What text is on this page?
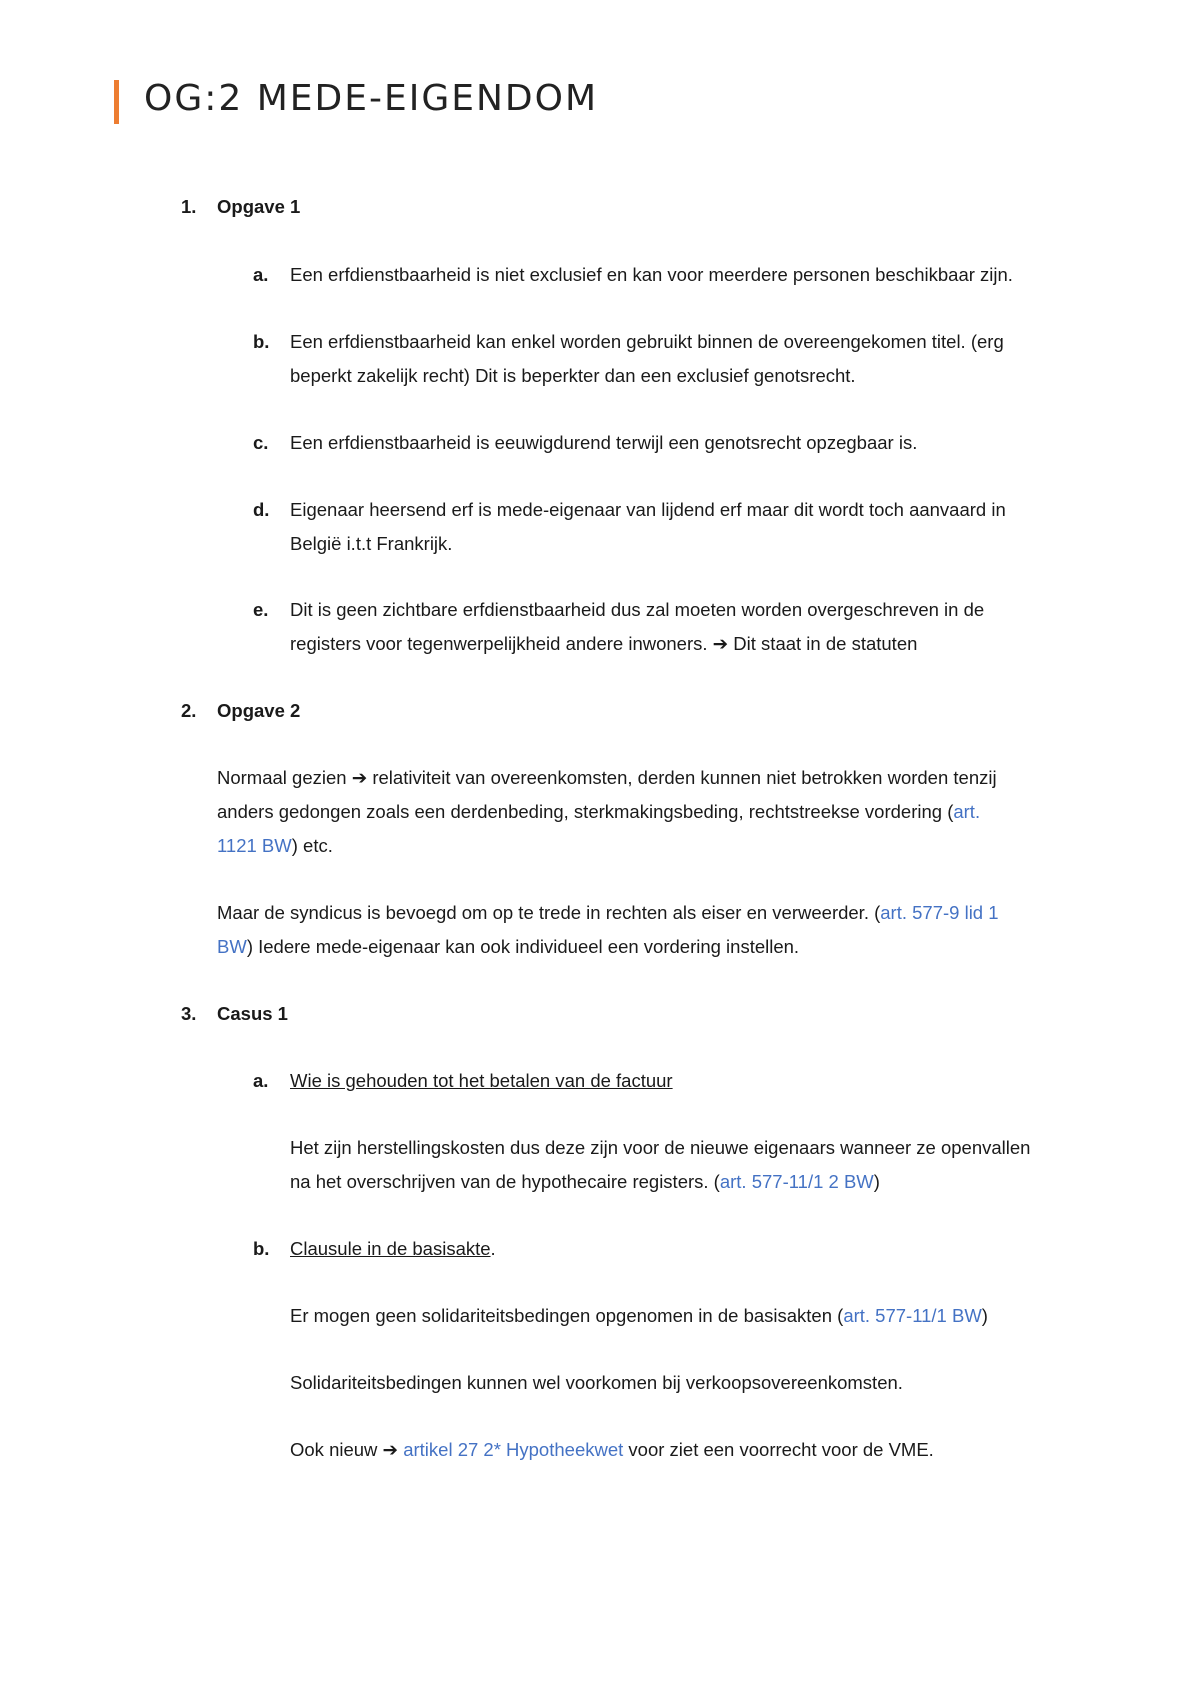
OG:2 MEDE-EIGENDOM
1. Opgave 1
a. Een erfdienstbaarheid is niet exclusief en kan voor meerdere personen beschikbaar zijn.
b. Een erfdienstbaarheid kan enkel worden gebruikt binnen de overeengekomen titel. (erg
beperkt zakelijk recht) Dit is beperkter dan een exclusief genotsrecht.
c. Een erfdienstbaarheid is eeuwigdurend terwijl een genotsrecht opzegbaar is.
d. Eigenaar heersend erf is mede-eigenaar van lijdend erf maar dit wordt toch aanvaard in
België i.t.t Frankrijk.
e. Dit is geen zichtbare erfdienstbaarheid dus zal moeten worden overgeschreven in de
registers voor tegenwerpelijkheid andere inwoners. ➔ Dit staat in de statuten
2. Opgave 2
Normaal gezien ➔ relativiteit van overeenkomsten, derden kunnen niet betrokken worden tenzij
anders gedongen zoals een derdenbeding, sterkmakingsbeding, rechtstreekse vordering (art.
1121 BW) etc.
Maar de syndicus is bevoegd om op te trede in rechten als eiser en verweerder. (art. 577-9 lid 1
BW) Iedere mede-eigenaar kan ook individueel een vordering instellen.
3. Casus 1
a. Wie is gehouden tot het betalen van de factuur
Het zijn herstellingskosten dus deze zijn voor de nieuwe eigenaars wanneer ze openvallen
na het overschrijven van de hypothecaire registers. (art. 577-11/1 2 BW)
b. Clausule in de basisakte.
Er mogen geen solidariteitsbedingen opgenomen in de basisakten (art. 577-11/1 BW)
Solidariteitsbedingen kunnen wel voorkomen bij verkoopsovereenkomsten.
Ook nieuw ➔ artikel 27 2* Hypotheekwet voor ziet een voorrecht voor de VME.
